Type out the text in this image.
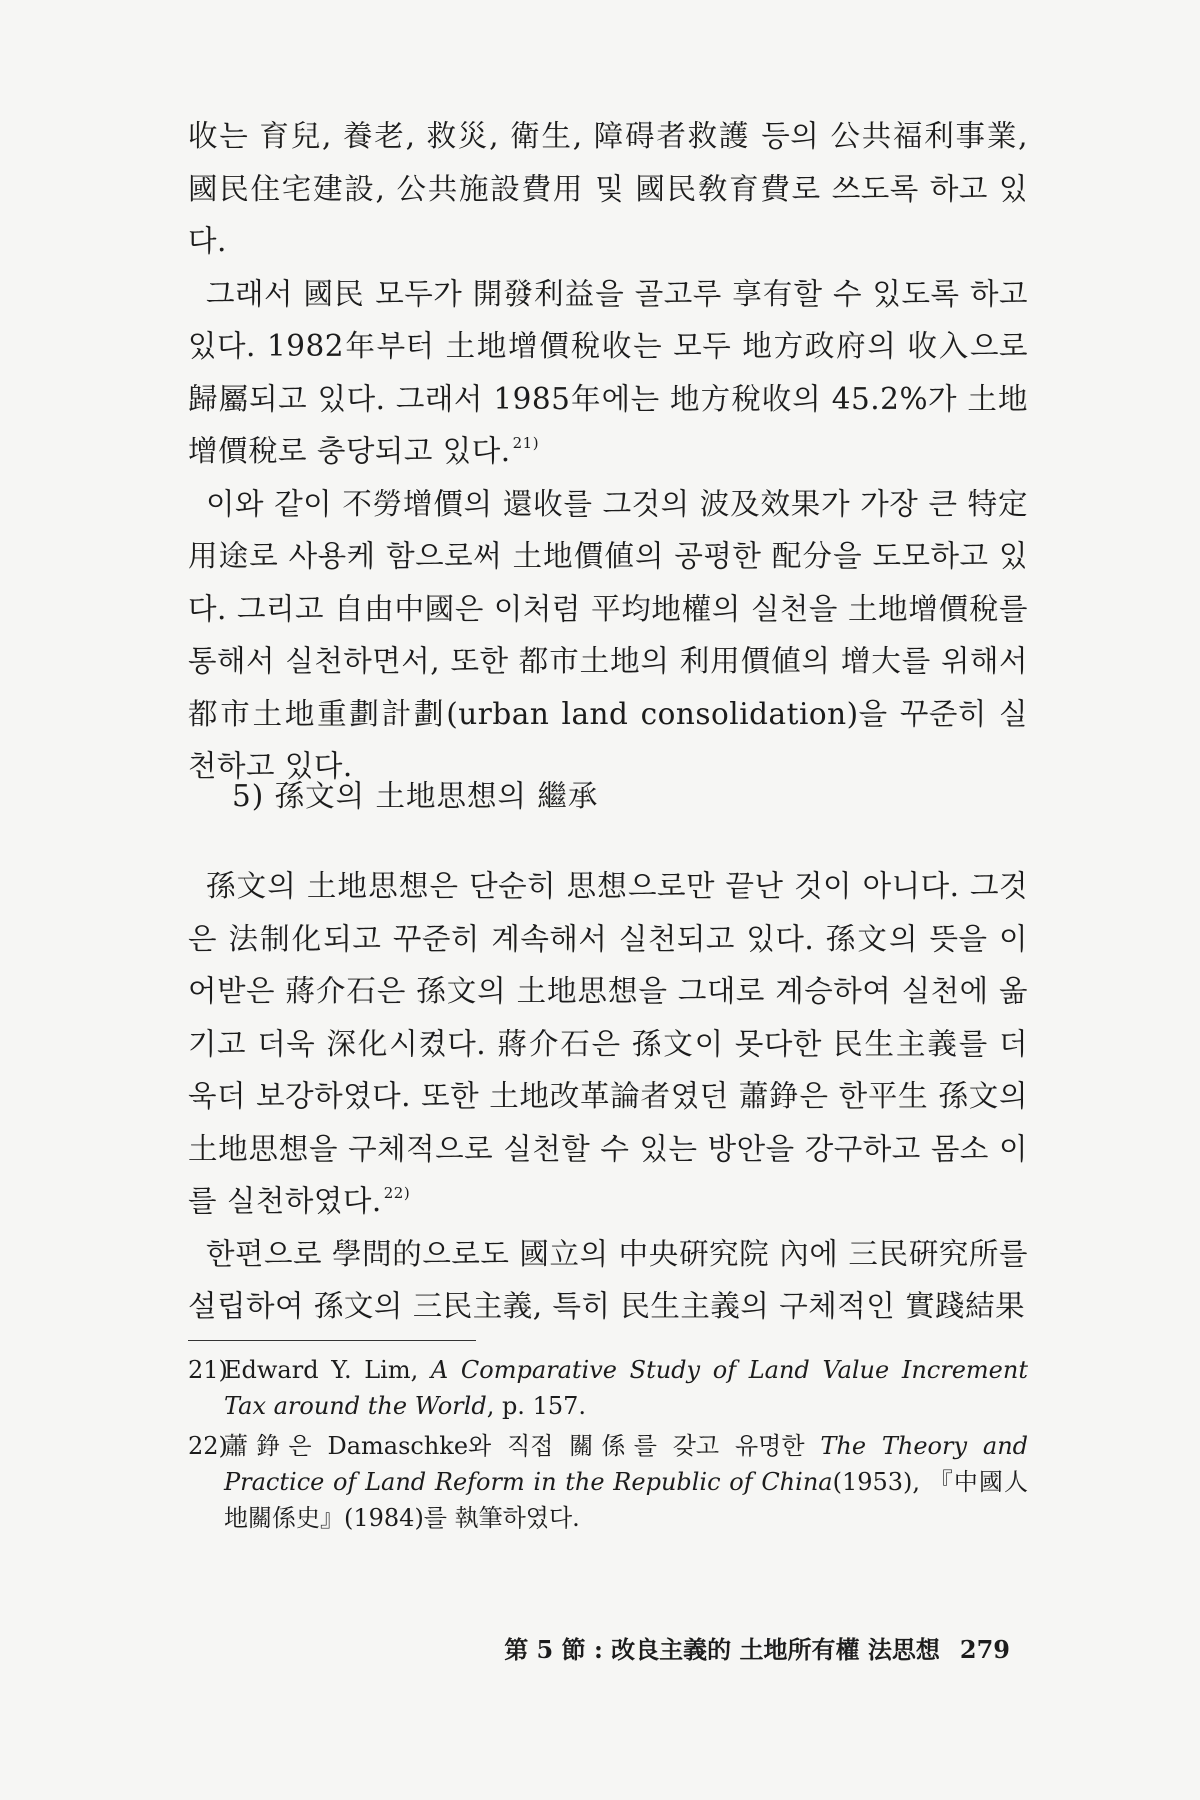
收는 育兒, 養老, 救災, 衛生, 障碍者救護 등의 公共福利事業, 國民住宅建設, 公共施設費用 및 國民敎育費로 쓰도록 하고 있다.

그래서 國民 모두가 開發利益을 골고루 享有할 수 있도록 하고 있다. 1982年부터 土地增價稅收는 모두 地方政府의 收入으로 歸屬되고 있다. 그래서 1985年에는 地方稅收의 45.2%가 土地增價稅로 충당되고 있다. $^{21)}$

이와 같이 不勞增價의 還收를 그것의 波及效果가 가장 큰 特定用途로 사용케 함으로써 土地價値의 공평한 配分을 도모하고 있다. 그리고 自由中國은 이처럼 平均地權의 실천을 土地增價稅를 통해서 실천하면서, 또한 都市土地의 利用價値의 增大를 위해서 都市土地重劃計劃(urban land consolidation)을 꾸준히 실천하고 있다.

5) 孫文의 土地思想의 繼承

孫文의 土地思想은 단순히 思想으로만 끝난 것이 아니다. 그것은 法制化되고 꾸준히 계속해서 실천되고 있다. 孫文의 뜻을 이어받은 蔣介石은 孫文의 土地思想을 그대로 계승하여 실천에 옮기고 더욱 深化시켰다. 蔣介石은 孫文이 못다한 民生主義를 더욱더 보강하였다. 또한 土地改革論者였던 蕭錚은 한平生 孫文의 土地思想을 구체적으로 실천할 수 있는 방안을 강구하고 몸소 이를 실천하였다. $^{22)}$

한편으로 學問的으로도 國立의 中央硏究院 內에 三民硏究所를 설립하여 孫文의 三民主義, 특히 民生主義의 구체적인 實踐結果

21)
Edward Y. Lim, A Comparative Study of Land Value Increment Tax around the World, p. 157.
22)
蕭錚은 Damaschke와 직접 關係를 갖고 유명한 The Theory and Practice of Land Reform in the Republic of China(1953), 『中國人地關係史』(1984)를 執筆하였다.
第 5 節 : 改良主義的 土地所有權 法思想 279
